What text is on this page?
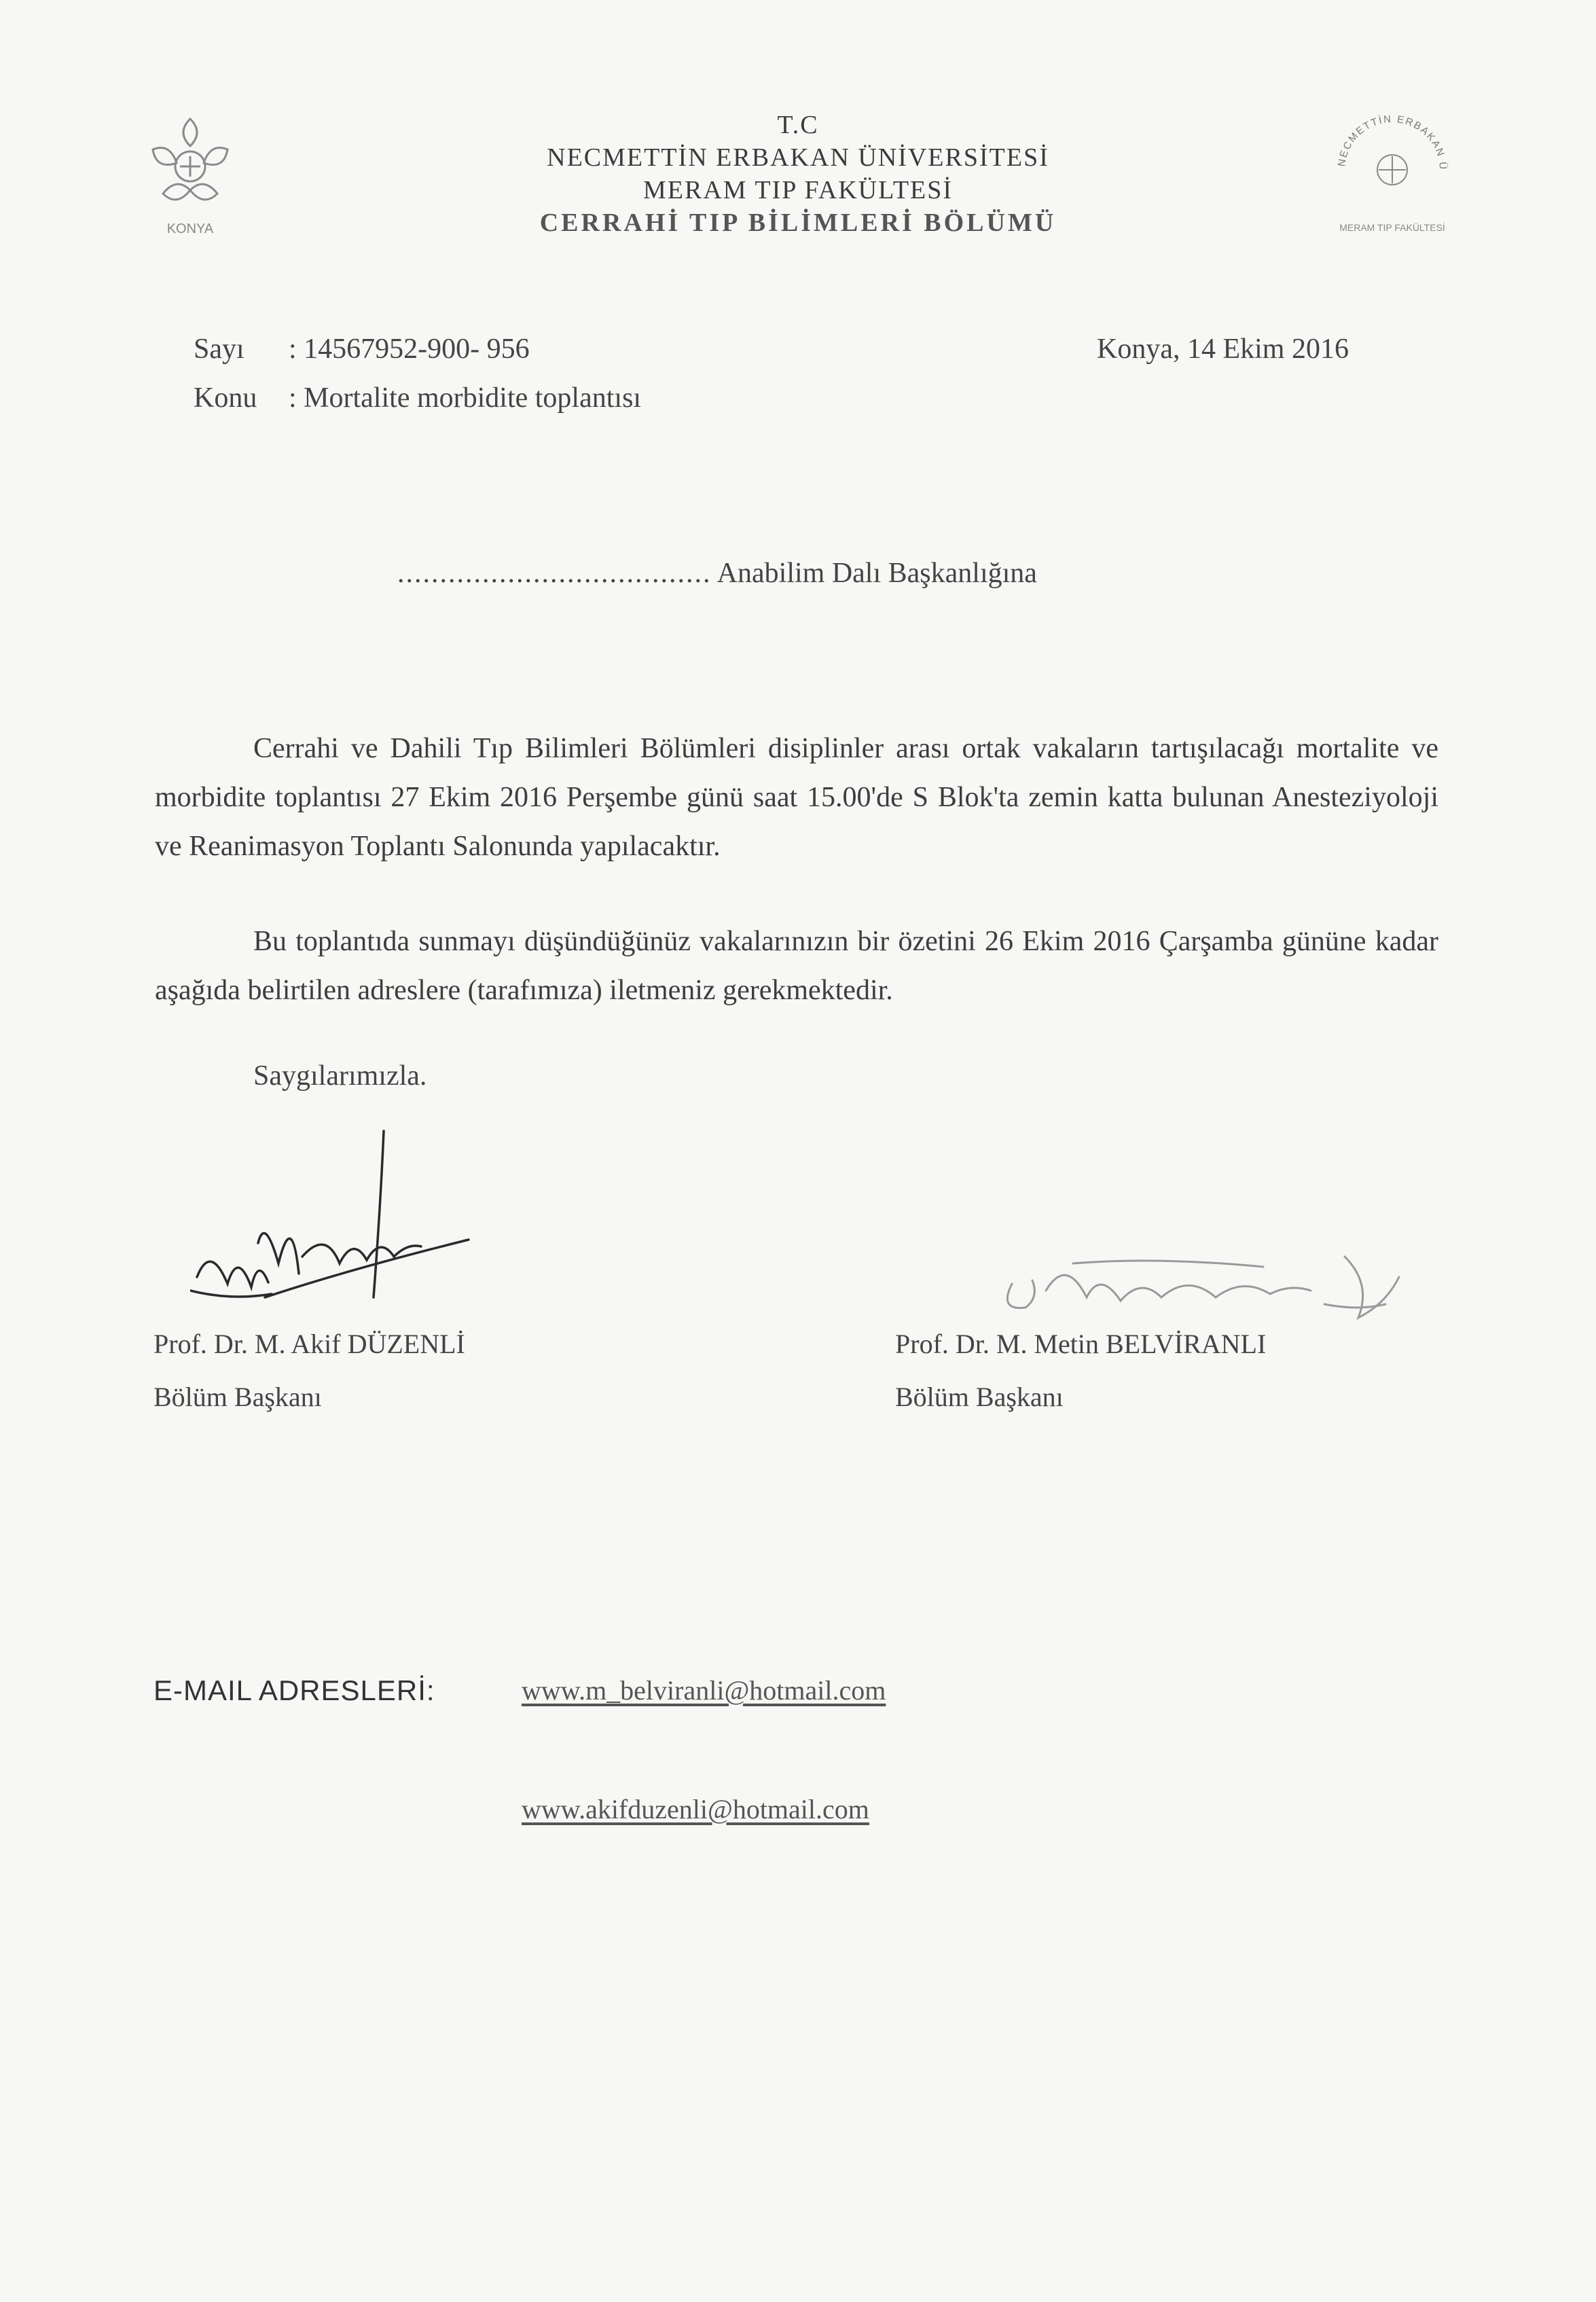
KONYA
T.C
NECMETTİN ERBAKAN ÜNİVERSİTESİ
MERAM TIP FAKÜLTESİ
CERRAHİ TIP BİLİMLERİ BÖLÜMÜ
NECMETTİN ERBAKAN Ü
MERAM TIP FAKÜLTESİ
Sayı : 14567952-900- 956
Konu : Mortalite morbidite toplantısı
Konya, 14 Ekim 2016
..................................... Anabilim Dalı Başkanlığına
Cerrahi ve Dahili Tıp Bilimleri Bölümleri disiplinler arası ortak vakaların tartışılacağı mortalite ve morbidite toplantısı 27 Ekim 2016 Perşembe günü saat 15.00'de S Blok'ta zemin katta bulunan Anesteziyoloji ve Reanimasyon Toplantı Salonunda yapılacaktır.
Bu toplantıda sunmayı düşündüğünüz vakalarınızın bir özetini 26 Ekim 2016 Çarşamba gününe kadar aşağıda belirtilen adreslere (tarafımıza) iletmeniz gerekmektedir.
Saygılarımızla.
Prof. Dr. M. Akif DÜZENLİ
Bölüm Başkanı
Prof. Dr. M. Metin BELVİRANLI
Bölüm Başkanı
E-MAIL ADRESLERİ:	www.m_belviranli@hotmail.com
www.akifduzenli@hotmail.com
